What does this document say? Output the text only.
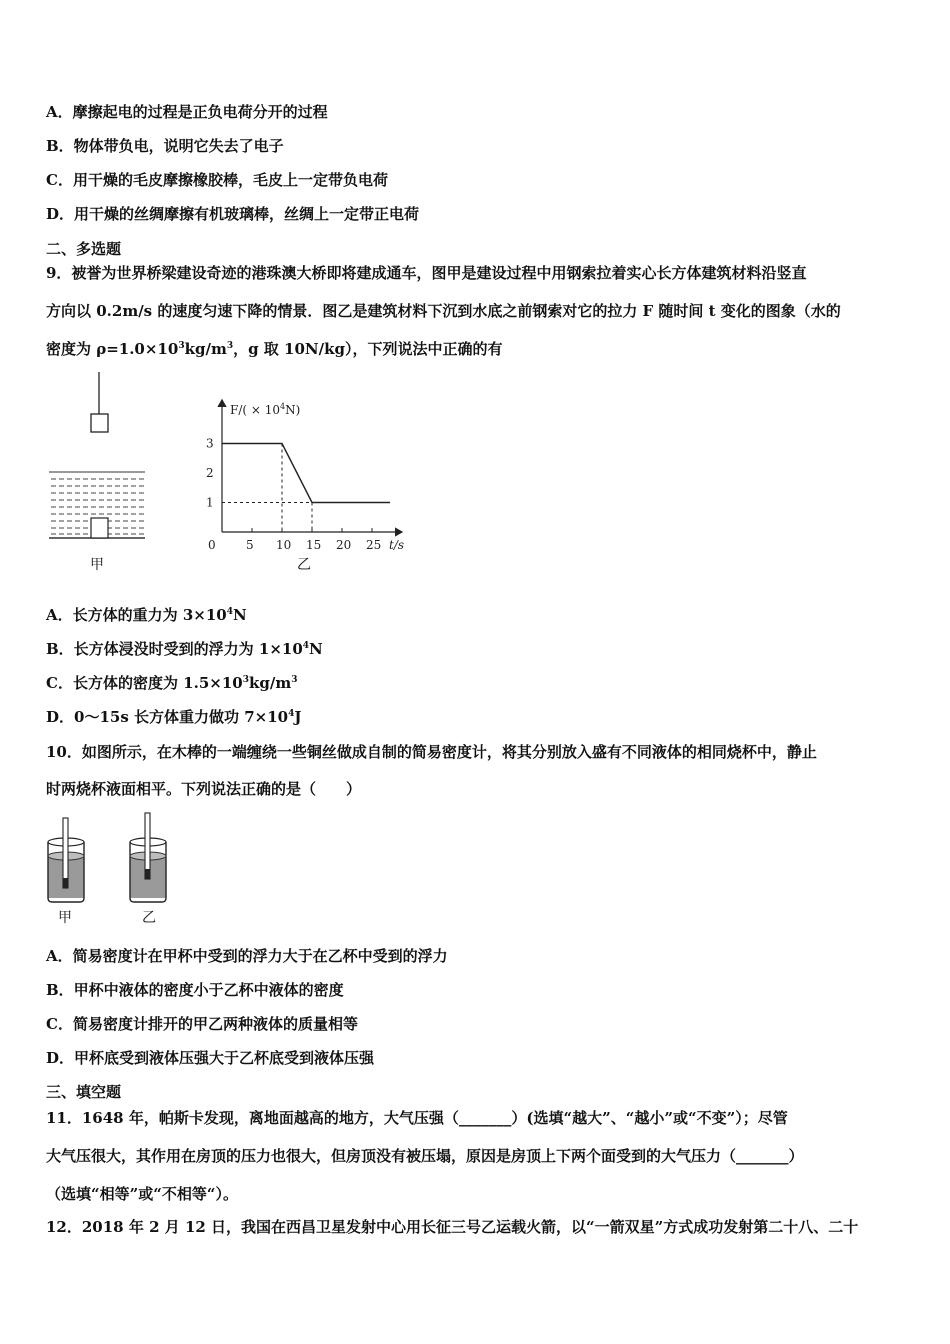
A．摩擦起电的过程是正负电荷分开的过程
B．物体带负电，说明它失去了电子
C．用干燥的毛皮摩擦橡胶棒，毛皮上一定带负电荷
D．用干燥的丝绸摩擦有机玻璃棒，丝绸上一定带正电荷
二、多选题
9．被誉为世界桥梁建设奇迹的港珠澳大桥即将建成通车，图甲是建设过程中用钢索拉着实心长方体建筑材料沿竖直
方向以 0.2m/s 的速度匀速下降的情景．图乙是建筑材料下沉到水底之前钢索对它的拉力 F 随时间 t 变化的图象（水的
密度为 $\rho=1.0\times 10^3kg/m^3$，g 取 10N/kg），下列说法中正确的有
甲
$F/( \times 10^4N)$
t/s
0	5 10 15 20 25
1
2
3
乙
A．长方体的重力为 $3\times 10^4N$
B．长方体浸没时受到的浮力为 $1\times 10^4N$
C．长方体的密度为 $1.5\times 10^3kg/m^3$
D．0～15s 长方体重力做功 $7\times 10^4J$
10．如图所示，在木棒的一端缠绕一些铜丝做成自制的简易密度计，将其分别放入盛有不同液体的相同烧杯中，静止
时两烧杯液面相平。下列说法正确的是（　　）
甲	乙
A．简易密度计在甲杯中受到的浮力大于在乙杯中受到的浮力
B．甲杯中液体的密度小于乙杯中液体的密度
C．简易密度计排开的甲乙两种液体的质量相等
D．甲杯底受到液体压强大于乙杯底受到液体压强
三、填空题
11．1648 年，帕斯卡发现，离地面越高的地方，大气压强（_______）(选填“越大”、“越小”或“不变”）；尽管
大气压很大，其作用在房顶的压力也很大，但房顶没有被压塌，原因是房顶上下两个面受到的大气压力（_______）
（选填“相等”或“不相等“）。
12．2018 年 2 月 12 日，我国在西昌卫星发射中心用长征三号乙运载火箭，以“一箭双星”方式成功发射第二十八、二十
